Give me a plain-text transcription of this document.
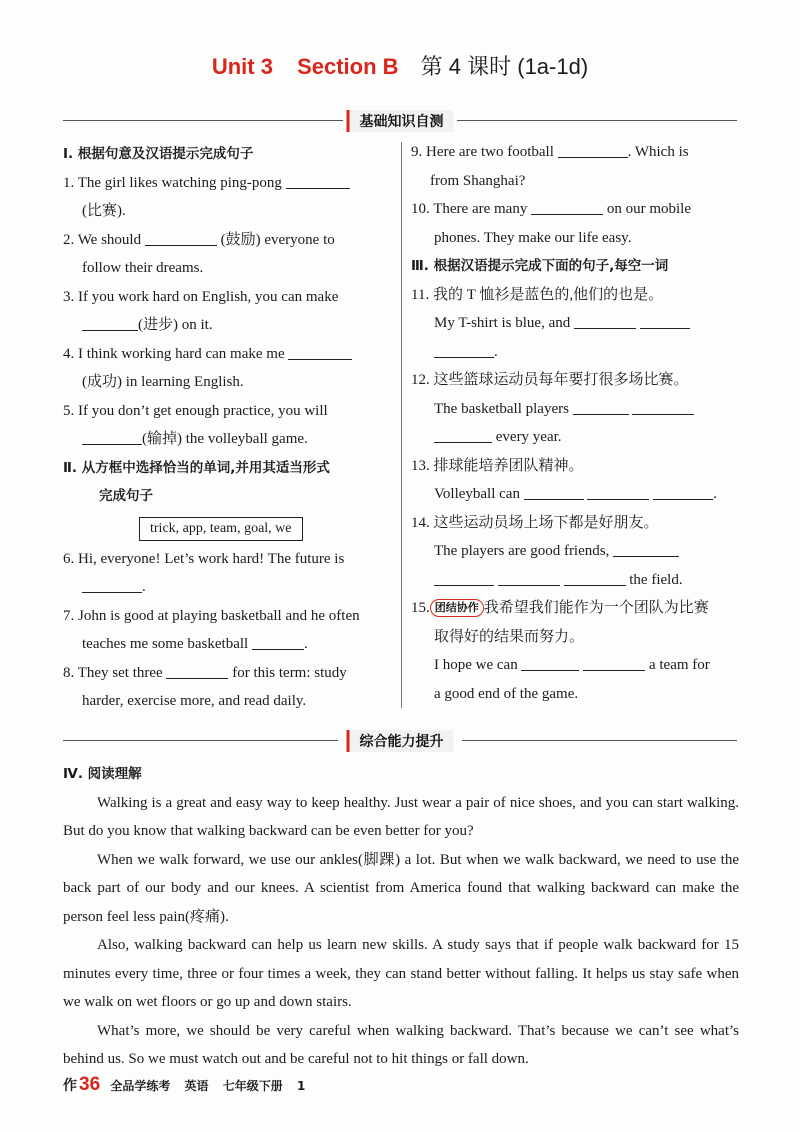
Unit 3 Section B 第 4 课时 (1a-1d)
基础知识自测
Ⅰ. 根据句意及汉语提示完成句子
1. The girl likes watching ping-pong
(比赛).
2. We should	(鼓励) everyone to
follow their dreams.
3. If you work hard on English, you can make
(进步) on it.
4. I think working hard can make me
(成功) in learning English.
5. If you don’t get enough practice, you will
(输掉) the volleyball game.
Ⅱ. 从方框中选择恰当的单词,并用其适当形式
完成句子
trick, app, team, goal, we
6. Hi, everyone! Let’s work hard! The future is
.
7. John is good at playing basketball and he often
teaches me some basketball	.
8. They set three	for this term: study
harder, exercise more, and read daily.
9. Here are two football	. Which is
from Shanghai?
10. There are many	on our mobile
phones. They make our life easy.
Ⅲ. 根据汉语提示完成下面的句子,每空一词
11. 我的 T 恤衫是蓝色的,他们的也是。
My T-shirt is blue, and
.
12. 这些篮球运动员每年要打很多场比赛。
The basketball players
every year.
13. 排球能培养团队精神。
Volleyball can	.
14. 这些运动员场上场下都是好朋友。
The players are good friends,
the field.
15. 团结协作 我希望我们能作为一个团队为比赛
取得好的结果而努力。
I hope we can	a team for
a good end of the game.
综合能力提升

Ⅳ. 阅读理解

Walking is a great and easy way to keep healthy. Just wear a pair of nice shoes, and you can start walking. But do you know that walking backward can be even better for you?

When we walk forward, we use our ankles(脚踝) a lot. But when we walk backward, we need to use the back part of our body and our knees. A scientist from America found that walking backward can make the person feel less pain(疼痛).

Also, walking backward can help us learn new skills. A study says that if people walk backward for 15 minutes every time, three or four times a week, they can stand better without falling. It helps us stay safe when we walk on wet floors or go up and down stairs.

What’s more, we should be very careful when walking backward. That’s because we can’t see what’s behind us. So we must watch out and be careful not to hit things or fall down.

作 36 全品学练考 英语 七年级下册 1
